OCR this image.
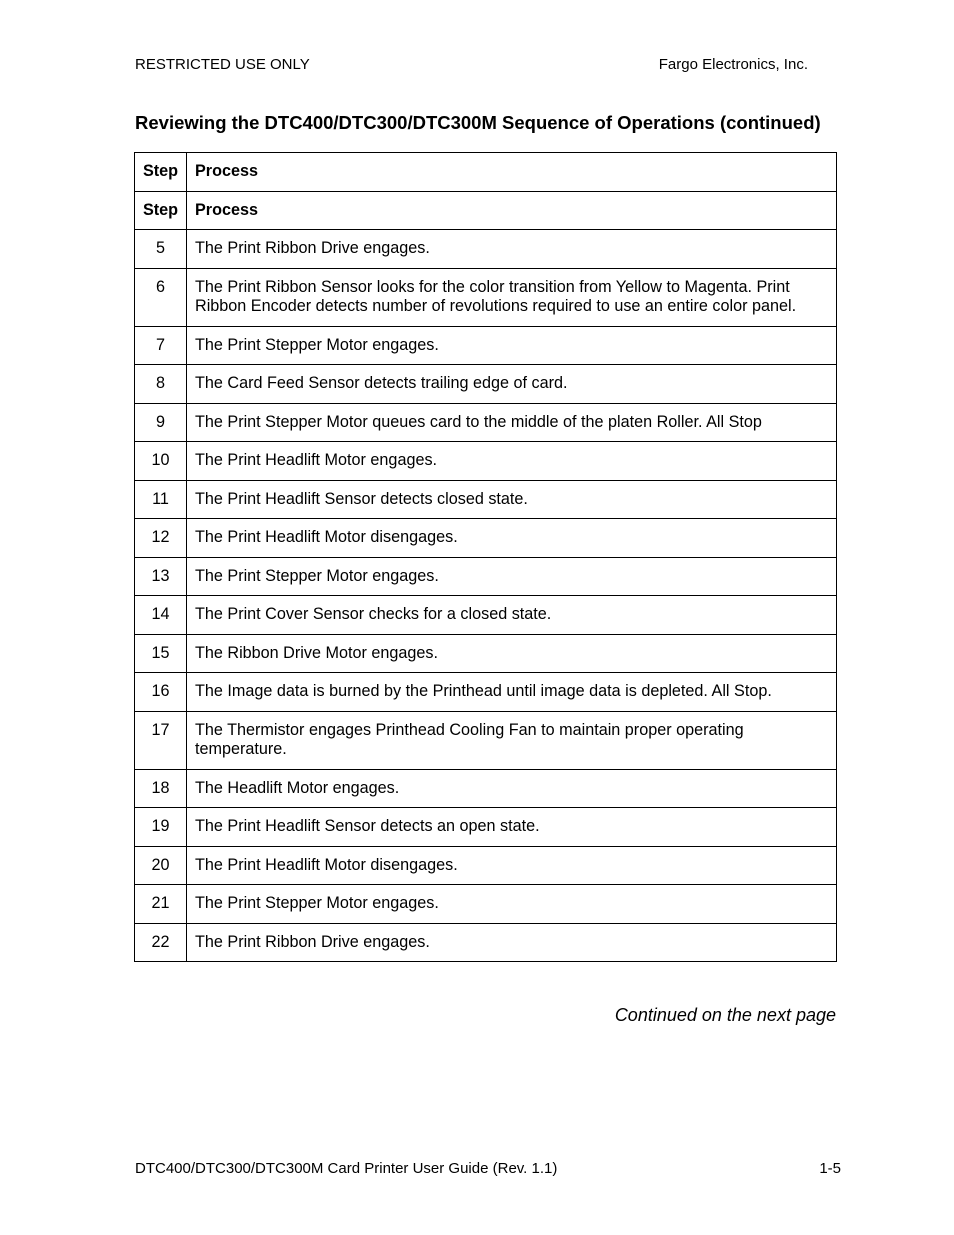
RESTRICTED USE ONLY	Fargo Electronics, Inc.
Reviewing the DTC400/DTC300/DTC300M Sequence of Operations (continued)
Step	Process
Step	Process
5	The Print Ribbon Drive engages.
6	The Print Ribbon Sensor looks for the color transition from Yellow to Magenta. Print Ribbon Encoder detects number of revolutions required to use an entire color panel.
7	The Print Stepper Motor engages.
8	The Card Feed Sensor detects trailing edge of card.
9	The Print Stepper Motor queues card to the middle of the platen Roller. All Stop
10	The Print Headlift Motor engages.
11	The Print Headlift Sensor detects closed state.
12	The Print Headlift Motor disengages.
13	The Print Stepper Motor engages.
14	The Print Cover Sensor checks for a closed state.
15	The Ribbon Drive Motor engages.
16	The Image data is burned by the Printhead until image data is depleted. All Stop.
17	The Thermistor engages Printhead Cooling Fan to maintain proper operating temperature.
18	The Headlift Motor engages.
19	The Print Headlift Sensor detects an open state.
20	The Print Headlift Motor disengages.
21	The Print Stepper Motor engages.
22	The Print Ribbon Drive engages.
Continued on the next page
DTC400/DTC300/DTC300M Card Printer User Guide (Rev. 1.1)	1-5
